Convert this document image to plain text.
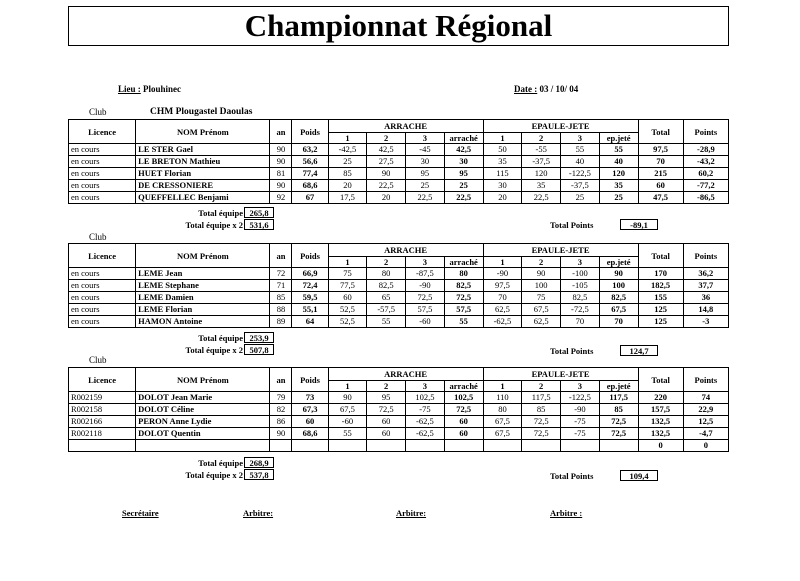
Championnat Régional
Lieu : Plouhinec	Date : 03 / 10/ 04
Club	CHM Plougastel Daoulas
Club
Club
Licence	NOM Prénom	an	Poids	ARRACHE				EPAULE-JETE				Total	Points
				1	2	3	arraché	1	2	3	ep.jeté		
en cours	LE STER Gael	90	63,2	-42,5	42,5	-45	42,5	50	-55	55	55	97,5	-28,9
en cours	LE BRETON Mathieu	90	56,6	25	27,5	30	30	35	-37,5	40	40	70	-43,2
en cours	HUET Florian	81	77,4	85	90	95	95	115	120	-122,5	120	215	60,2
en cours	DE CRESSONIERE	90	68,6	20	22,5	25	25	30	35	-37,5	35	60	-77,2
en cours	QUEFFELLEC Benjami	92	67	17,5	20	22,5	22,5	20	22,5	25	25	47,5	-86,5
Licence	NOM Prénom	an	Poids	ARRACHE				EPAULE-JETE				Total	Points
				1	2	3	arraché	1	2	3	ep.jeté		
en cours	LEME Jean	72	66,9	75	80	-87,5	80	-90	90	-100	90	170	36,2
en cours	LEME Stephane	71	72,4	77,5	82,5	-90	82,5	97,5	100	-105	100	182,5	37,7
en cours	LEME Damien	85	59,5	60	65	72,5	72,5	70	75	82,5	82,5	155	36
en cours	LEME Florian	88	55,1	52,5	-57,5	57,5	57,5	62,5	67,5	-72,5	67,5	125	14,8
en cours	HAMON Antoine	89	64	52,5	55	-60	55	-62,5	62,5	70	70	125	-3
Licence	NOM Prénom	an	Poids	ARRACHE				EPAULE-JETE				Total	Points
				1	2	3	arraché	1	2	3	ep.jeté		
R002159	DOLOT Jean Marie	79	73	90	95	102,5	102,5	110	117,5	-122,5	117,5	220	74
R002158	DOLOT Céline	82	67,3	67,5	72,5	-75	72,5	80	85	-90	85	157,5	22,9
R002166	PERON Anne Lydie	86	60	-60	60	-62,5	60	67,5	72,5	-75	72,5	132,5	12,5
R002118	DOLOT Quentin	90	68,6	55	60	-62,5	60	67,5	72,5	-75	72,5	132,5	-4,7
												0	0
Total équipe 265,8
Total équipe x 2 531,6	Total Points	-89,1
Total équipe 253,9
Total équipe x 2 507,8	Total Points	124,7
Total équipe 268,9
Total équipe x 2 537,8	Total Points	109,4
Secrétaire	Arbitre:	Arbitre:	Arbitre :
